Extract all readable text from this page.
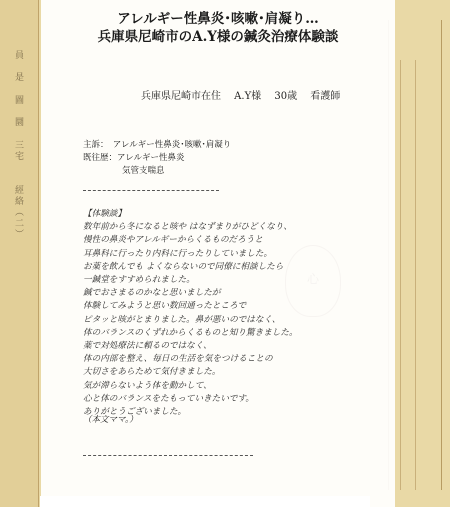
員　是
圖　圜
三宅
經絡（二）
アレルギー性鼻炎･咳嗽･肩凝り…
兵庫県尼崎市のA.Y様の鍼灸治療体験談
兵庫県尼崎市在住　 A.Y様　 30歳　 看護師
主訴：　アレルギー性鼻炎･咳嗽･肩凝り
既往歴：アレルギー性鼻炎
気管支喘息
【体験談】
数年前から冬になると咳や はなずまりがひどくなり、
慢性の鼻炎やアレルギーからくるものだろうと
耳鼻科に行ったり内科に行ったりしていました。
お薬を飲んでも よくならないので同僚に相談したら
一鍼堂をすすめられました。
鍼でおさまるのかなと思いましたが
体験してみようと思い数回通ったところで
ピタッと咳がとまりました。鼻が悪いのではなく、
体のバランスのくずれからくるものと知り驚きました。
薬で対処療法に頼るのではなく、
体の内部を整え、毎日の生活を気をつけることの
大切さをあらためて気付きました。
気が滞らないよう体を動かして、
心と体のバランスをたもっていきたいです。
ありがとうございました。
（本文ママ。）
